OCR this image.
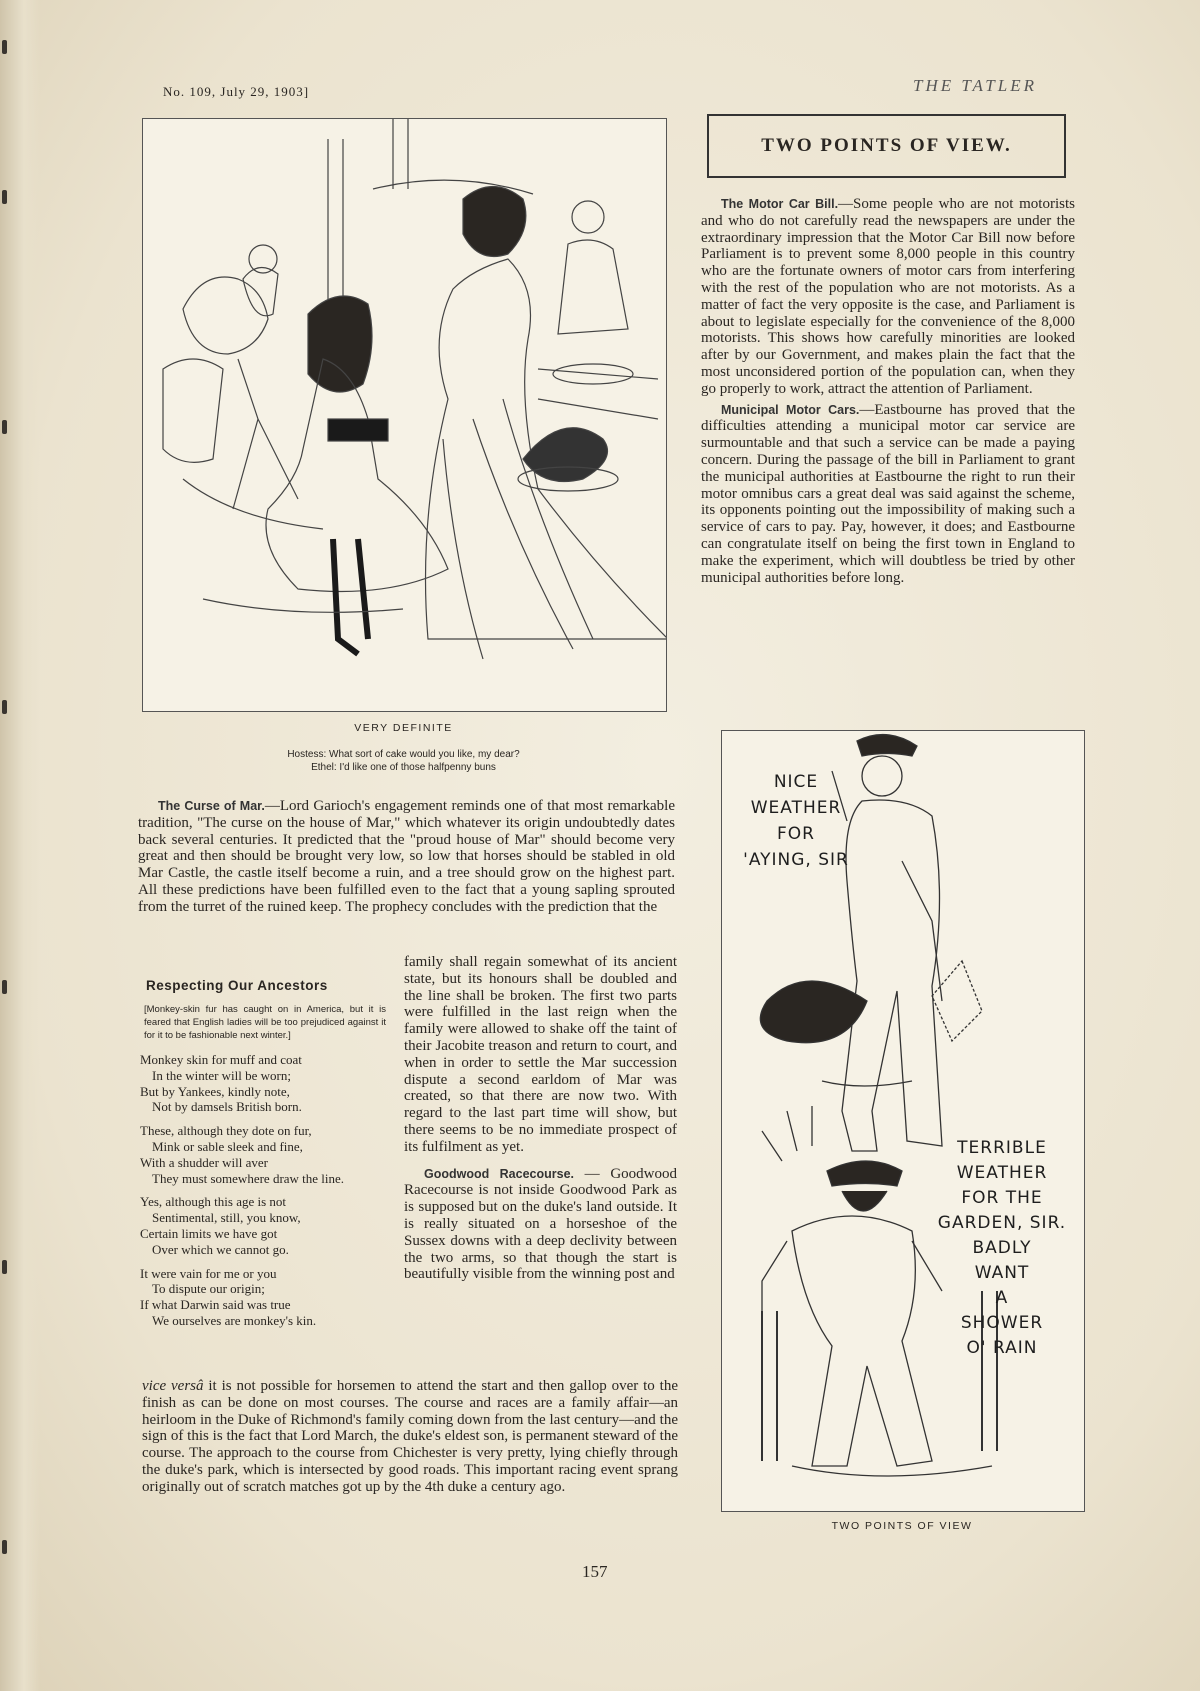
No. 109, July 29, 1903]	THE TATLER
VERY DEFINITE
Hostess: What sort of cake would you like, my dear?
Ethel: I'd like one of those halfpenny buns
TWO POINTS OF VIEW.

The Motor Car Bill.—Some people who are not motorists and who do not carefully read the newspapers are under the extraordinary impression that the Motor Car Bill now before Parliament is to prevent some 8,000 people in this country who are the fortunate owners of motor cars from interfering with the rest of the population who are not motorists. As a matter of fact the very opposite is the case, and Parliament is about to legislate especially for the convenience of the 8,000 motorists. This shows how carefully minorities are looked after by our Government, and makes plain the fact that the most unconsidered portion of the population can, when they go properly to work, attract the attention of Parliament.

Municipal Motor Cars.—Eastbourne has proved that the difficulties attending a municipal motor car service are surmountable and that such a service can be made a paying concern. During the passage of the bill in Parliament to grant the municipal authorities at Eastbourne the right to run their motor omnibus cars a great deal was said against the scheme, its opponents pointing out the impossibility of making such a service of cars to pay. Pay, however, it does; and Eastbourne can congratulate itself on being the first town in England to make the experiment, which will doubtless be tried by other municipal authorities before long.

NICE
WEATHER
FOR
'AYING, SIR
TERRIBLE
WEATHER
FOR THE
GARDEN, SIR.
BADLY
WANT
A
SHOWER
O' RAIN
TWO POINTS OF VIEW

The Curse of Mar.—Lord Garioch's engagement reminds one of that most remarkable tradition, "The curse on the house of Mar," which whatever its origin undoubtedly dates back several centuries. It predicted that the "proud house of Mar" should become very great and then should be brought very low, so low that horses should be stabled in old Mar Castle, the castle itself become a ruin, and a tree should grow on the highest part. All these predictions have been fulfilled even to the fact that a young sapling sprouted from the turret of the ruined keep. The prophecy concludes with the prediction that the

Respecting Our Ancestors
[Monkey-skin fur has caught on in America, but it is feared that English ladies will be too prejudiced against it for it to be fashionable next winter.]
Monkey skin for muff and coat
In the winter will be worn;
But by Yankees, kindly note,
Not by damsels British born.
These, although they dote on fur,
Mink or sable sleek and fine,
With a shudder will aver
They must somewhere draw the line.
Yes, although this age is not
Sentimental, still, you know,
Certain limits we have got
Over which we cannot go.
It were vain for me or you
To dispute our origin;
If what Darwin said was true
We ourselves are monkey's kin.

family shall regain somewhat of its ancient state, but its honours shall be doubled and the line shall be broken. The first two parts were fulfilled in the last reign when the family were allowed to shake off the taint of their Jacobite treason and return to court, and when in order to settle the Mar succession dispute a second earldom of Mar was created, so that there are now two. With regard to the last part time will show, but there seems to be no immediate prospect of its fulfilment as yet.

Goodwood Racecourse. — Goodwood Racecourse is not inside Goodwood Park as is supposed but on the duke's land outside. It is really situated on a horseshoe of the Sussex downs with a deep declivity between the two arms, so that though the start is beautifully visible from the winning post and

vice versâ it is not possible for horsemen to attend the start and then gallop over to the finish as can be done on most courses. The course and races are a family affair—an heirloom in the Duke of Richmond's family coming down from the last century—and the sign of this is the fact that Lord March, the duke's eldest son, is permanent steward of the course. The approach to the course from Chichester is very pretty, lying chiefly through the duke's park, which is intersected by good roads. This important racing event sprang originally out of scratch matches got up by the 4th duke a century ago.

157
